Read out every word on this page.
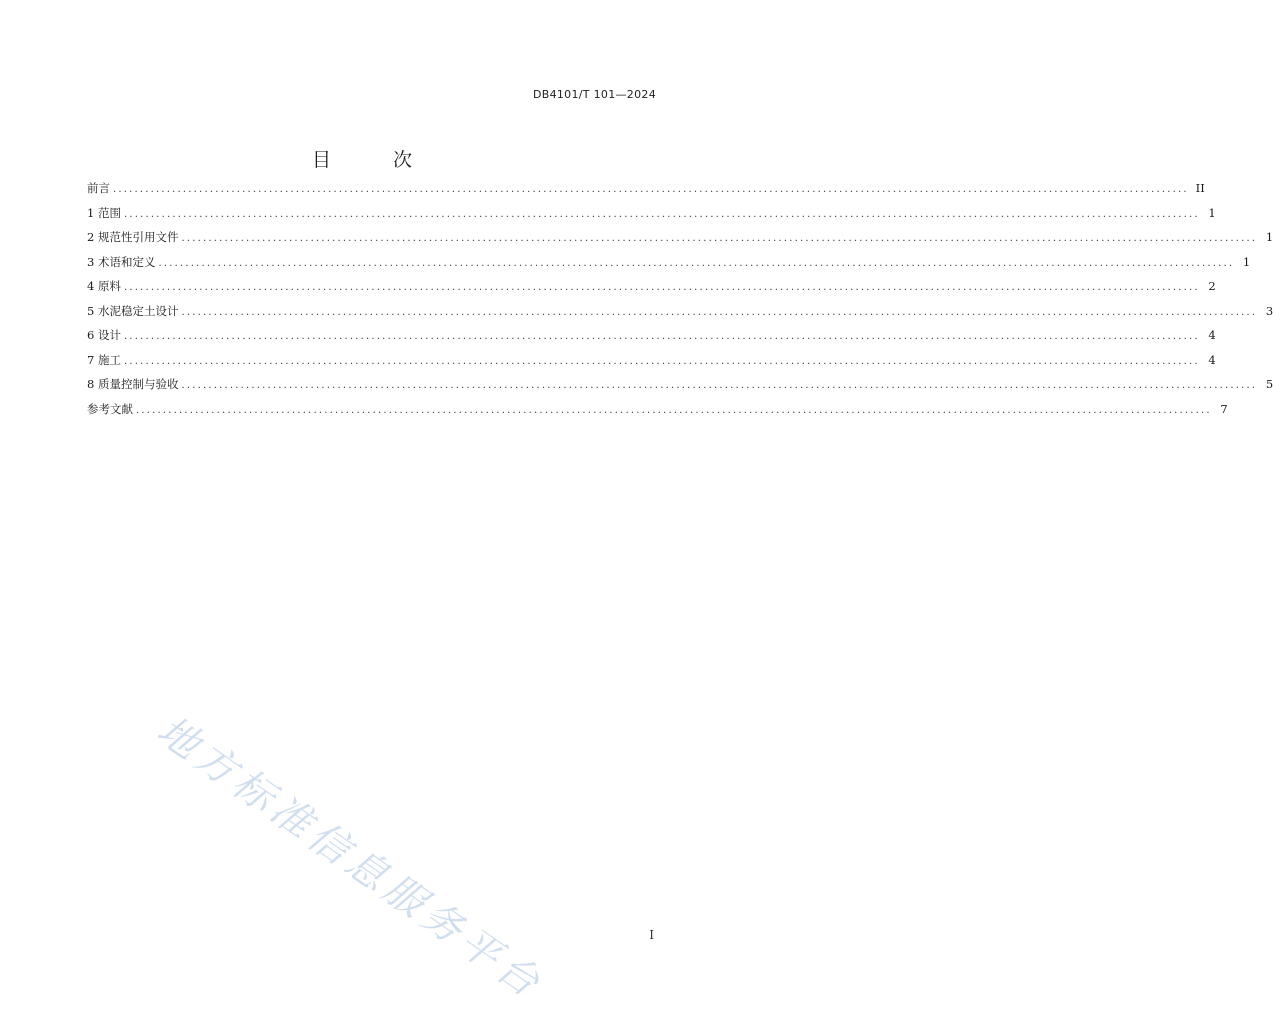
DB4101/T 101—2024
目 次
前言 ........................................................................................................................................................................................................ II
1 范围 ........................................................................................................................................................................................................ 1
2 规范性引用文件 ........................................................................................................................................................................................................ 1
3 术语和定义 ........................................................................................................................................................................................................ 1
4 原料 ........................................................................................................................................................................................................ 2
5 水泥稳定土设计 ........................................................................................................................................................................................................ 3
6 设计 ........................................................................................................................................................................................................ 4
7 施工 ........................................................................................................................................................................................................ 4
8 质量控制与验收 ........................................................................................................................................................................................................ 5
参考文献 ........................................................................................................................................................................................................ 7
地方标准信息服务平台	I
